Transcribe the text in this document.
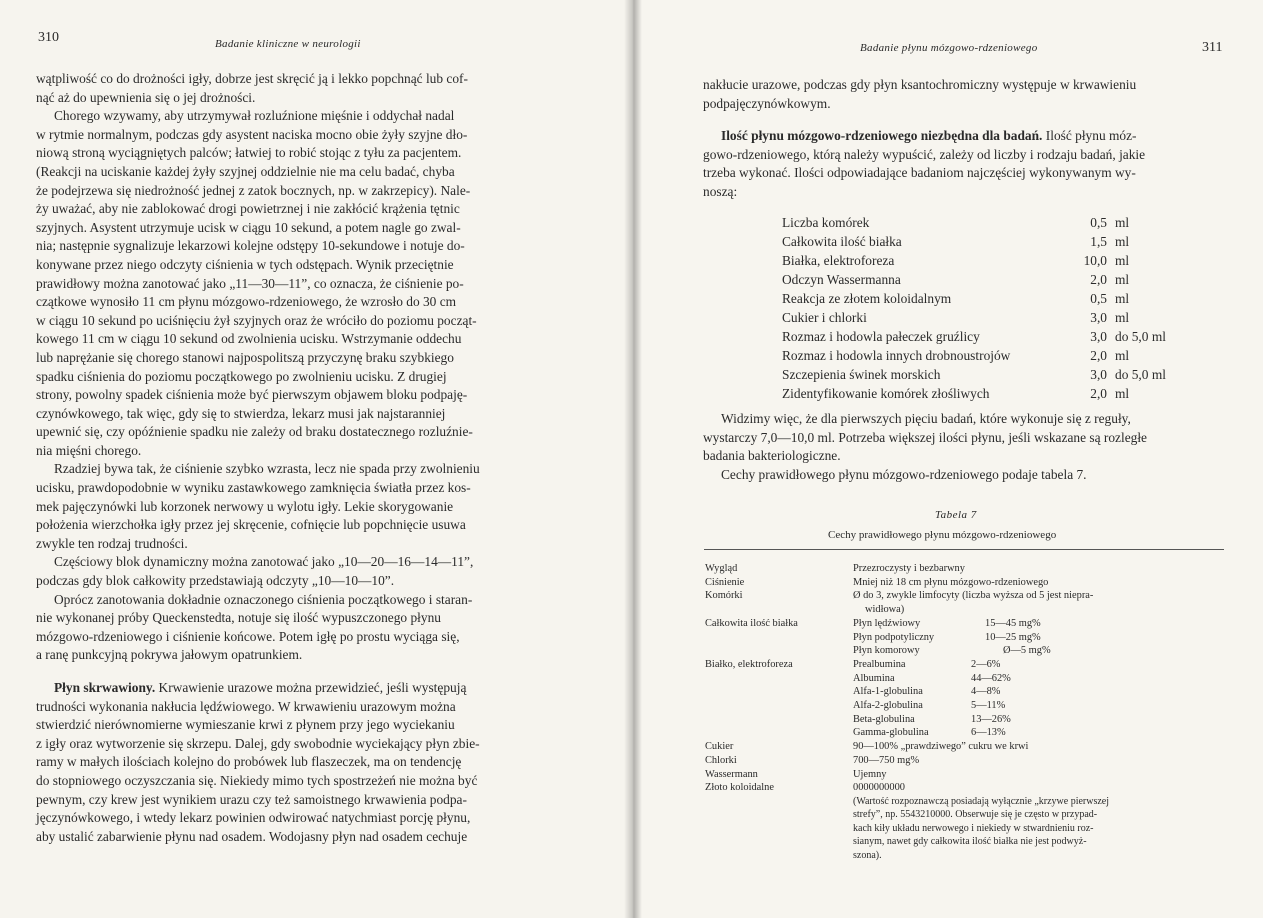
310	Badanie kliniczne w neurologii

wątpliwość co do drożności igły, dobrze jest skręcić ją i lekko popchnąć lub cof-

nąć aż do upewnienia się o jej drożności.

Chorego wzywamy, aby utrzymywał rozluźnione mięśnie i oddychał nadal

w rytmie normalnym, podczas gdy asystent naciska mocno obie żyły szyjne dło-

niową stroną wyciągniętych palców; łatwiej to robić stojąc z tyłu za pacjentem.

(Reakcji na uciskanie każdej żyły szyjnej oddzielnie nie ma celu badać, chyba

że podejrzewa się niedrożność jednej z zatok bocznych, np. w zakrzepicy). Nale-

ży uważać, aby nie zablokować drogi powietrznej i nie zakłócić krążenia tętnic

szyjnych. Asystent utrzymuje ucisk w ciągu 10 sekund, a potem nagle go zwal-

nia; następnie sygnalizuje lekarzowi kolejne odstępy 10-sekundowe i notuje do-

konywane przez niego odczyty ciśnienia w tych odstępach. Wynik przeciętnie

prawidłowy można zanotować jako „11—30—11”, co oznacza, że ciśnienie po-

czątkowe wynosiło 11 cm płynu mózgowo-rdzeniowego, że wzrosło do 30 cm

w ciągu 10 sekund po uciśnięciu żył szyjnych oraz że wróciło do poziomu począt-

kowego 11 cm w ciągu 10 sekund od zwolnienia ucisku. Wstrzymanie oddechu

lub naprężanie się chorego stanowi najpospolitszą przyczynę braku szybkiego

spadku ciśnienia do poziomu początkowego po zwolnieniu ucisku. Z drugiej

strony, powolny spadek ciśnienia może być pierwszym objawem bloku podpaję-

czynówkowego, tak więc, gdy się to stwierdza, lekarz musi jak najstaranniej

upewnić się, czy opóźnienie spadku nie zależy od braku dostatecznego rozluźnie-

nia mięśni chorego.

Rzadziej bywa tak, że ciśnienie szybko wzrasta, lecz nie spada przy zwolnieniu

ucisku, prawdopodobnie w wyniku zastawkowego zamknięcia światła przez kos-

mek pajęczynówki lub korzonek nerwowy u wylotu igły. Lekie skorygowanie

położenia wierzchołka igły przez jej skręcenie, cofnięcie lub popchnięcie usuwa

zwykle ten rodzaj trudności.

Częściowy blok dynamiczny można zanotować jako „10—20—16—14—11”,

podczas gdy blok całkowity przedstawiają odczyty „10—10—10”.

Oprócz zanotowania dokładnie oznaczonego ciśnienia początkowego i staran-

nie wykonanej próby Queckenstedta, notuje się ilość wypuszczonego płynu

mózgowo-rdzeniowego i ciśnienie końcowe. Potem igłę po prostu wyciąga się,

a ranę punkcyjną pokrywa jałowym opatrunkiem.

Płyn skrwawiony. Krwawienie urazowe można przewidzieć, jeśli występują

trudności wykonania nakłucia lędźwiowego. W krwawieniu urazowym można

stwierdzić nierównomierne wymieszanie krwi z płynem przy jego wyciekaniu

z igły oraz wytworzenie się skrzepu. Dalej, gdy swobodnie wyciekający płyn zbie-

ramy w małych ilościach kolejno do probówek lub flaszeczek, ma on tendencję

do stopniowego oczyszczania się. Niekiedy mimo tych spostrzeżeń nie można być

pewnym, czy krew jest wynikiem urazu czy też samoistnego krwawienia podpa-

jęczynówkowego, i wtedy lekarz powinien odwirować natychmiast porcję płynu,

aby ustalić zabarwienie płynu nad osadem. Wodojasny płyn nad osadem cechuje

Badanie płynu mózgowo-rdzeniowego	311

nakłucie urazowe, podczas gdy płyn ksantochromiczny występuje w krwawieniu

podpajęczynówkowym.

Ilość płynu mózgowo-rdzeniowego niezbędna dla badań. Ilość płynu móz-

gowo-rdzeniowego, którą należy wypuścić, zależy od liczby i rodzaju badań, jakie

trzeba wykonać. Ilości odpowiadające badaniom najczęściej wykonywanym wy-

noszą:

Liczba komórek	0,5 ml
Całkowita ilość białka	1,5 ml
Białka, elektroforeza	10,0 ml
Odczyn Wassermanna	2,0 ml
Reakcja ze złotem koloidalnym	0,5 ml
Cukier i chlorki	3,0 ml
Rozmaz i hodowla pałeczek gruźlicy	3,0 do 5,0 ml
Rozmaz i hodowla innych drobnoustrojów	2,0 ml
Szczepienia świnek morskich	3,0 do 5,0 ml
Zidentyfikowanie komórek złośliwych	2,0 ml

Widzimy więc, że dla pierwszych pięciu badań, które wykonuje się z reguły,

wystarczy 7,0—10,0 ml. Potrzeba większej ilości płynu, jeśli wskazane są rozległe

badania bakteriologiczne.

Cechy prawidłowego płynu mózgowo-rdzeniowego podaje tabela 7.

Tabela 7
Cechy prawidłowego płynu mózgowo-rdzeniowego
Wygląd	Przezroczysty i bezbarwny
Ciśnienie	Mniej niż 18 cm płynu mózgowo-rdzeniowego
Komórki	Ø do 3, zwykle limfocyty (liczba wyższa od 5 jest niepra-
widłowa)
Całkowita ilość białka	Płyn lędźwiowy	15—45 mg%
Płyn podpotyliczny	10—25 mg%
Płyn komorowy	Ø—5 mg%
Białko, elektroforeza	Prealbumina	2—6%
Albumina	44—62%
Alfa-1-globulina	4—8%
Alfa-2-globulina	5—11%
Beta-globulina	13—26%
Gamma-globulina	6—13%
Cukier	90—100% „prawdziwego” cukru we krwi
Chlorki	700—750 mg%
Wassermann	Ujemny
Złoto koloidalne	0000000000
(Wartość rozpoznawczą posiadają wyłącznie „krzywe pierwszej
strefy”, np. 5543210000. Obserwuje się je często w przypad-
kach kiły układu nerwowego i niekiedy w stwardnieniu roz-
sianym, nawet gdy całkowita ilość białka nie jest podwyż-
szona).
